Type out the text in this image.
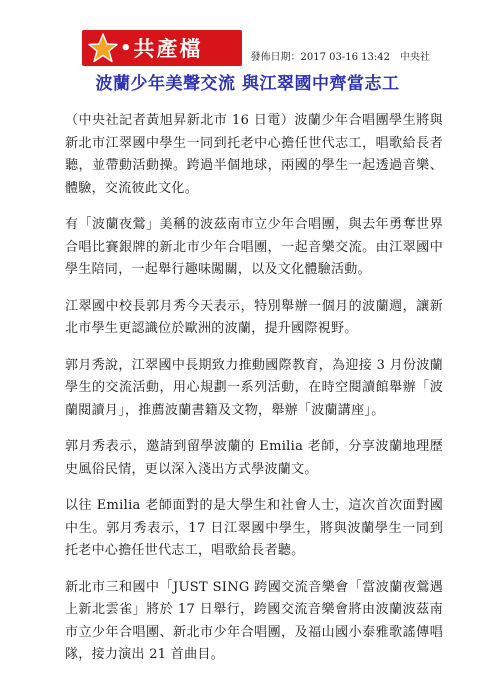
• 共產檔	發佈日期：2017 03-16 13:42 中央社
波蘭少年美聲交流 與江翠國中齊當志工

（中央社記者黃旭昇新北市 16 日電）波蘭少年合唱團學生將與新北市江翠國中學生一同到托老中心擔任世代志工，唱歌給長者聽，並帶動活動操。跨過半個地球，兩國的學生一起透過音樂、體驗，交流彼此文化。

有「波蘭夜鶯」美稱的波茲南市立少年合唱團，與去年勇奪世界合唱比賽銀牌的新北市少年合唱團，一起音樂交流。由江翠國中學生陪同，一起舉行趣味闖關，以及文化體驗活動。

江翠國中校長郭月秀今天表示，特別舉辦一個月的波蘭週，讓新北市學生更認識位於歐洲的波蘭，提升國際視野。

郭月秀說，江翠國中長期致力推動國際教育，為迎接 3 月份波蘭學生的交流活動，用心規劃一系列活動，在時空閱讀館舉辦「波蘭閱讀月」，推薦波蘭書籍及文物，舉辦「波蘭講座」。

郭月秀表示，邀請到留學波蘭的 Emilia 老師，分享波蘭地理歷史風俗民情，更以深入淺出方式學波蘭文。

以往 Emilia 老師面對的是大學生和社會人士，這次首次面對國中生。郭月秀表示，17 日江翠國中學生，將與波蘭學生一同到托老中心擔任世代志工，唱歌給長者聽。

新北市三和國中「JUST SING 跨國交流音樂會「當波蘭夜鶯遇上新北雲雀」將於 17 日舉行，跨國交流音樂會將由波蘭波茲南市立少年合唱團、新北市少年合唱團，及福山國小泰雅歌謠傳唱隊，接力演出 21 首曲目。
